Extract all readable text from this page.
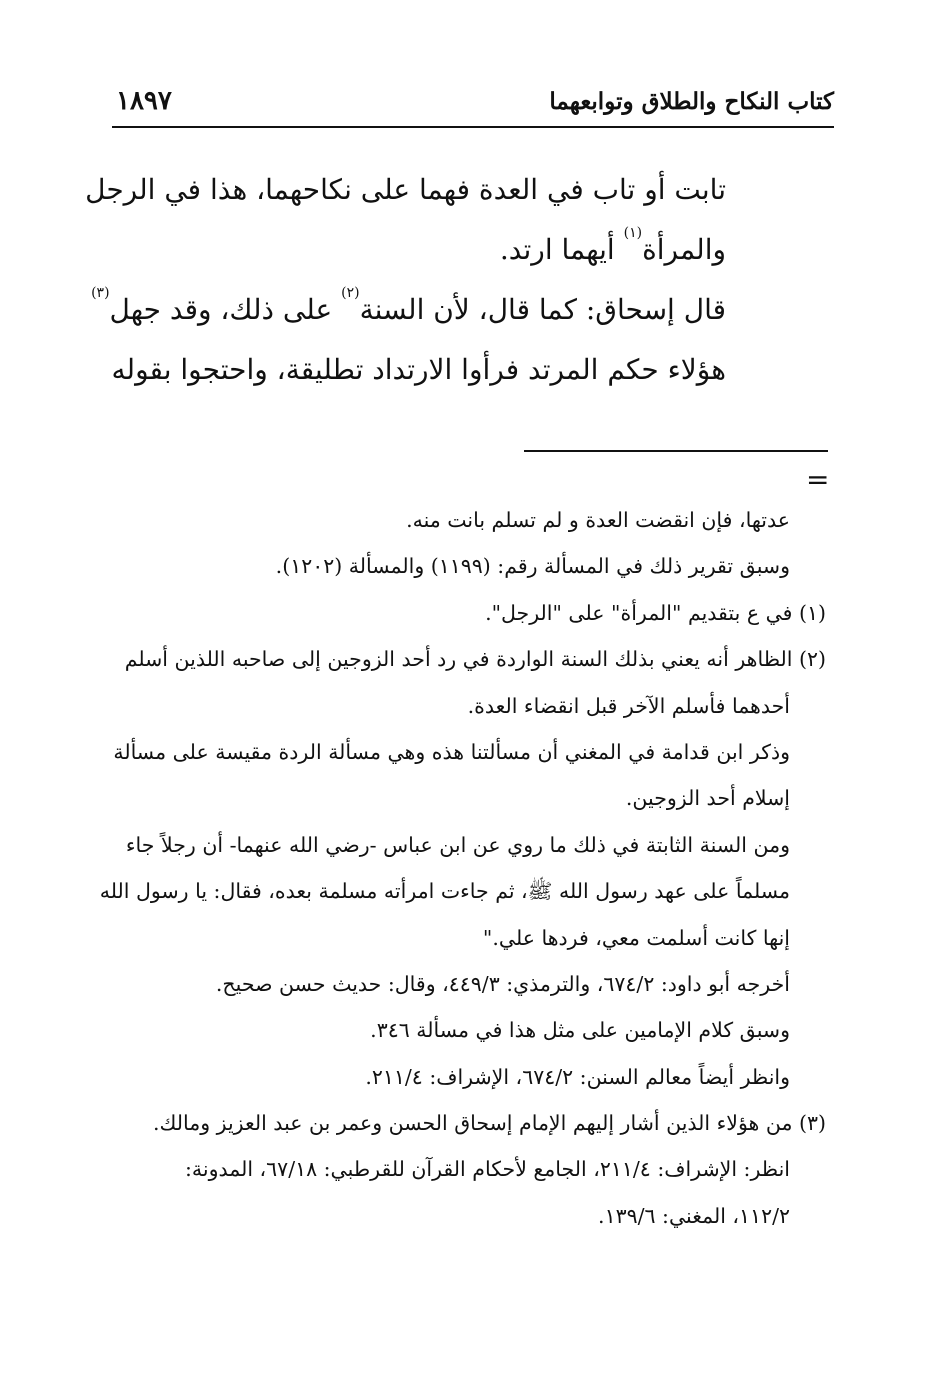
كتاب النكاح والطلاق وتوابعهما
١٨٩٧
تابت أو تاب في العدة فهما على نكاحهما، هذا في الرجل
والمرأة$^{(١)}$ أيهما ارتد.
قال إسحاق: كما قال، لأن السنة$^{(٢)}$ على ذلك، وقد جهل$^{(٣)}$
هؤلاء حكم المرتد فرأوا الارتداد تطليقة، واحتجوا بقوله
=
عدتها، فإن انقضت العدة و لم تسلم بانت منه.
وسبق تقرير ذلك في المسألة رقم: (١١٩٩) والمسألة (١٢٠٢).
(١) في ع بتقديم "المرأة" على "الرجل".
(٢) الظاهر أنه يعني بذلك السنة الواردة في رد أحد الزوجين إلى صاحبه اللذين أسلم
أحدهما فأسلم الآخر قبل انقضاء العدة.
وذكر ابن قدامة في المغني أن مسألتنا هذه وهي مسألة الردة مقيسة على مسألة
إسلام أحد الزوجين.
ومن السنة الثابتة في ذلك ما روي عن ابن عباس -رضي الله عنهما- أن رجلاً جاء
مسلماً على عهد رسول الله ﷺ، ثم جاءت امرأته مسلمة بعده، فقال: يا رسول الله
إنها كانت أسلمت معي، فردها علي."
أخرجه أبو داود: ٦٧٤/٢، والترمذي: ٤٤٩/٣، وقال: حديث حسن صحيح.
وسبق كلام الإمامين على مثل هذا في مسألة ٣٤٦.
وانظر أيضاً معالم السنن: ٦٧٤/٢، الإشراف: ٢١١/٤.
(٣) من هؤلاء الذين أشار إليهم الإمام إسحاق الحسن وعمر بن عبد العزيز ومالك.
انظر: الإشراف: ٢١١/٤، الجامع لأحكام القرآن للقرطبي: ٦٧/١٨، المدونة:
١١٢/٢، المغني: ١٣٩/٦.
